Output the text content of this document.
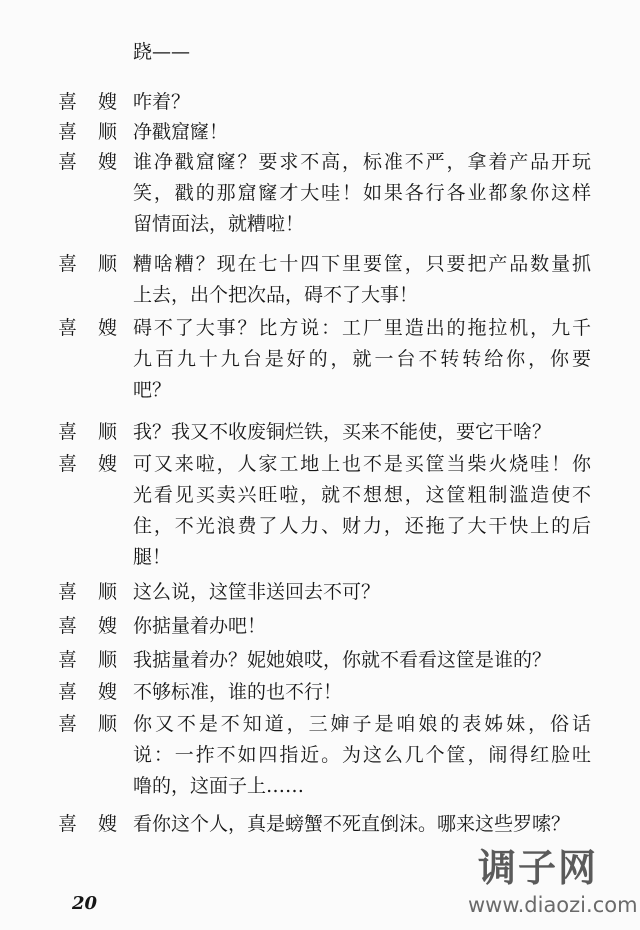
跷——
喜 嫂 咋着？
喜 顺 净戳窟窿！
喜 嫂 谁净戳窟窿？要求不高，标准不严，拿着产品开玩
笑，戳的那窟窿才大哇！如果各行各业都象你这样
留情面法，就糟啦！
喜 顺 糟啥糟？现在七十四下里要筐，只要把产品数量抓
上去，出个把次品，碍不了大事！
喜 嫂 碍不了大事？比方说：工厂里造出的拖拉机，九千
九百九十九台是好的，就一台不转转给你，你要
吧？
喜 顺 我？我又不收废铜烂铁，买来不能使，要它干啥？
喜 嫂 可又来啦，人家工地上也不是买筐当柴火烧哇！你
光看见买卖兴旺啦，就不想想，这筐粗制滥造使不
住，不光浪费了人力、财力，还拖了大干快上的后
腿！
喜 顺 这么说，这筐非送回去不可？
喜 嫂 你掂量着办吧！
喜 顺 我掂量着办？妮她娘哎，你就不看看这筐是谁的？
喜 嫂 不够标准，谁的也不行！
喜 顺 你又不是不知道，三婶子是咱娘的表姊妹，俗话
说：一拃不如四指近。为这么几个筐，闹得红脸吐
噜的，这面子上……
喜 嫂 看你这个人，真是螃蟹不死直倒沫。哪来这些罗嗦？
20
调子网
www.diaozi.com
